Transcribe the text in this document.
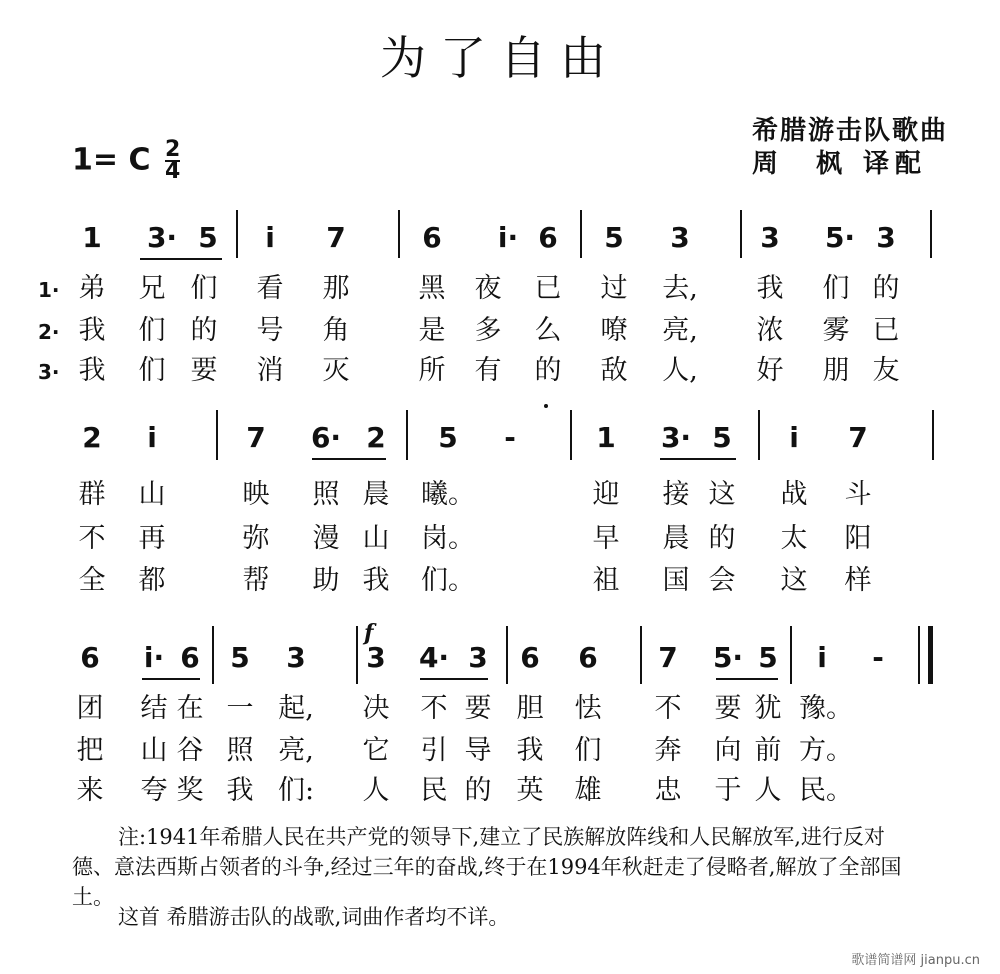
为了自由
希腊游击队歌曲
周　枫 译配
1= C $\frac{2}{4}$
1 3· 5 i 7	6 i· 6 5 3	3 5· 3
1· 弟 兄 们 看 那	黑 夜 已 过 去, 我 们 的
2· 我 们 的 号 角	是 多 么 嘹 亮, 浓 雾 已
3· 我 们 要 消 灭	所 有 的 敌 人, 好 朋 友
2 i	7 6· 2 5 -	1 3· 5 i 7
群 山	映 照 晨 曦。	迎 接 这 战 斗
不 再	弥 漫 山 岗。	早 晨 的 太 阳
全 都	帮 助 我 们。	祖 国 会 这 样
6 i· 6 5 3 3 4· 3 6 6 7 5· 5 i -
团 结 在 一 起, 决 不 要 胆 怯 不 要 犹 豫。
把 山 谷 照 亮, 它 引 导 我 们 奔 向 前 方。
来 夸 奖 我 们: 人 民 的 英 雄 忠 于 人 民。
f
注:1941年希腊人民在共产党的领导下,建立了民族解放阵线和人民解放军,进行反对
德、意法西斯占领者的斗争,经过三年的奋战,终于在1994年秋赶走了侵略者,解放了全部国
土。
这首 希腊游击队的战歌,词曲作者均不详。
歌谱简谱网 jianpu.cn
